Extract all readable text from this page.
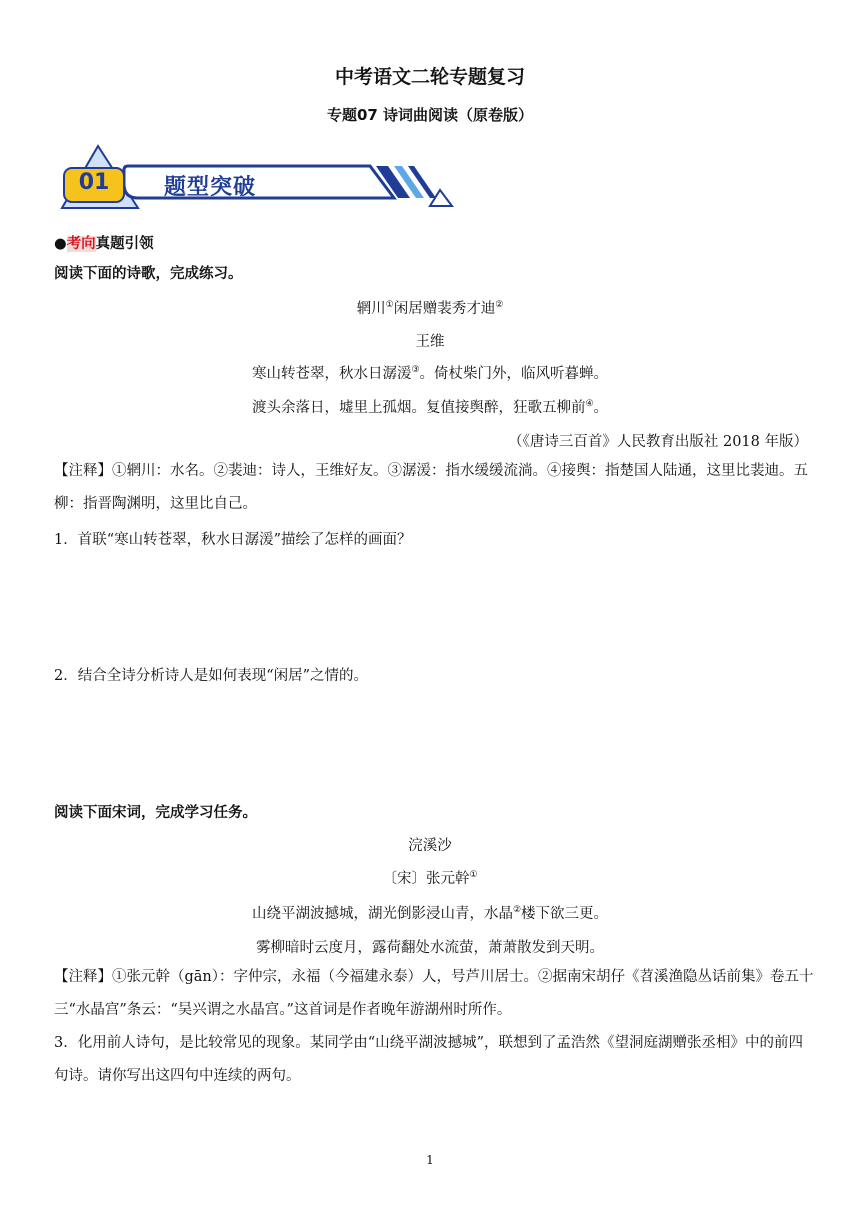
中考语文二轮专题复习
专题07 诗词曲阅读（原卷版）
01	题型突破
●考向真题引领
阅读下面的诗歌，完成练习。
辋川①闲居赠裴秀才迪②
王维
寒山转苍翠，秋水日潺湲③。倚杖柴门外，临风听暮蝉。
渡头余落日，墟里上孤烟。复值接舆醉，狂歌五柳前④。
（《唐诗三百首》人民教育出版社 2018 年版）
【注释】①辋川：水名。②裴迪：诗人，王维好友。③潺湲：指水缓缓流淌。④接舆：指楚国人陆通，这里比裴迪。五柳：指晋陶渊明，这里比自己。
1．首联“寒山转苍翠，秋水日潺湲”描绘了怎样的画面？
2．结合全诗分析诗人是如何表现“闲居”之情的。
阅读下面宋词，完成学习任务。
浣溪沙
〔宋〕张元幹①
山绕平湖波撼城，湖光倒影浸山青，水晶②楼下欲三更。
雾柳暗时云度月，露荷翻处水流萤，萧萧散发到天明。
【注释】①张元幹（gān）：字仲宗，永福（今福建永泰）人，号芦川居士。②据南宋胡仔《苕溪渔隐丛话前集》卷五十三“水晶宫”条云：“吴兴谓之水晶宫。”这首词是作者晚年游湖州时所作。
3．化用前人诗句，是比较常见的现象。某同学由“山绕平湖波撼城”，联想到了孟浩然《望洞庭湖赠张丞相》中的前四句诗。请你写出这四句中连续的两句。
1
